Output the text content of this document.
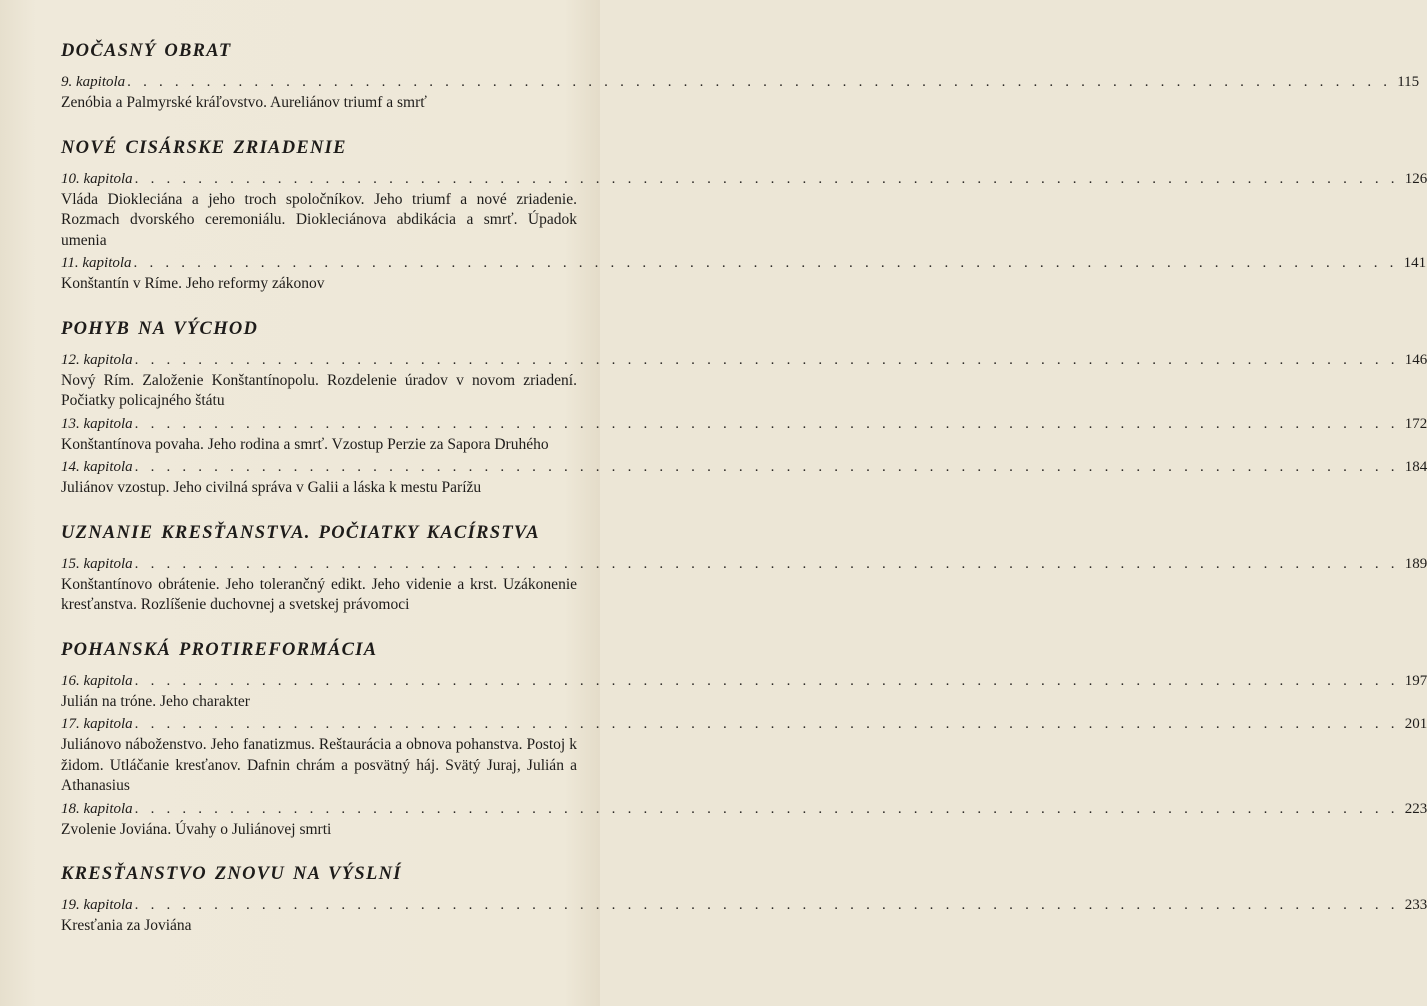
DOČASNÝ OBRAT
9. kapitola . . . . . . . . . . . . . . . . . . . . . . . . . . . . . . . . . . . . . . . . . . . . . . . . . . . . . . . . . . . . . . . . . . . . . . . . . . . . . . . . 115

Zenóbia a Palmyrské kráľovstvo. Aureliánov triumf a smrť

NOVÉ CISÁRSKE ZRIADENIE
10. kapitola . . . . . . . . . . . . . . . . . . . . . . . . . . . . . . . . . . . . . . . . . . . . . . . . . . . . . . . . . . . . . . . . . . . . . . . . . . . . . . . . 126

Vláda Diokleciána a jeho troch spoločníkov. Jeho triumf a nové zriadenie. Rozmach dvorského ceremoniálu. Diokleciánova abdikácia a smrť. Úpadok umenia

11. kapitola . . . . . . . . . . . . . . . . . . . . . . . . . . . . . . . . . . . . . . . . . . . . . . . . . . . . . . . . . . . . . . . . . . . . . . . . . . . . . . . . 141

Konštantín v Ríme. Jeho reformy zákonov

POHYB NA VÝCHOD
12. kapitola . . . . . . . . . . . . . . . . . . . . . . . . . . . . . . . . . . . . . . . . . . . . . . . . . . . . . . . . . . . . . . . . . . . . . . . . . . . . . . . . 146

Nový Rím. Založenie Konštantínopolu. Rozdelenie úradov v novom zriadení. Počiatky policajného štátu

13. kapitola . . . . . . . . . . . . . . . . . . . . . . . . . . . . . . . . . . . . . . . . . . . . . . . . . . . . . . . . . . . . . . . . . . . . . . . . . . . . . . . . 172

Konštantínova povaha. Jeho rodina a smrť. Vzostup Perzie za Sapora Druhého

14. kapitola . . . . . . . . . . . . . . . . . . . . . . . . . . . . . . . . . . . . . . . . . . . . . . . . . . . . . . . . . . . . . . . . . . . . . . . . . . . . . . . . 184

Juliánov vzostup. Jeho civilná správa v Galii a láska k mestu Parížu

UZNANIE KRESŤANSTVA. POČIATKY KACÍRSTVA
15. kapitola . . . . . . . . . . . . . . . . . . . . . . . . . . . . . . . . . . . . . . . . . . . . . . . . . . . . . . . . . . . . . . . . . . . . . . . . . . . . . . . . 189

Konštantínovo obrátenie. Jeho tolerančný edikt. Jeho videnie a krst. Uzákonenie kresťanstva. Rozlíšenie duchovnej a svetskej právomoci

POHANSKÁ PROTIREFORMÁCIA
16. kapitola . . . . . . . . . . . . . . . . . . . . . . . . . . . . . . . . . . . . . . . . . . . . . . . . . . . . . . . . . . . . . . . . . . . . . . . . . . . . . . . . 197

Julián na tróne. Jeho charakter

17. kapitola . . . . . . . . . . . . . . . . . . . . . . . . . . . . . . . . . . . . . . . . . . . . . . . . . . . . . . . . . . . . . . . . . . . . . . . . . . . . . . . . 201

Juliánovo náboženstvo. Jeho fanatizmus. Reštaurácia a obnova pohanstva. Postoj k židom. Utláčanie kresťanov. Dafnin chrám a posvätný háj. Svätý Juraj, Julián a Athanasius

18. kapitola . . . . . . . . . . . . . . . . . . . . . . . . . . . . . . . . . . . . . . . . . . . . . . . . . . . . . . . . . . . . . . . . . . . . . . . . . . . . . . . . 223

Zvolenie Joviána. Úvahy o Juliánovej smrti

KRESŤANSTVO ZNOVU NA VÝSLNÍ
19. kapitola . . . . . . . . . . . . . . . . . . . . . . . . . . . . . . . . . . . . . . . . . . . . . . . . . . . . . . . . . . . . . . . . . . . . . . . . . . . . . . . . 233

Kresťania za Joviána
